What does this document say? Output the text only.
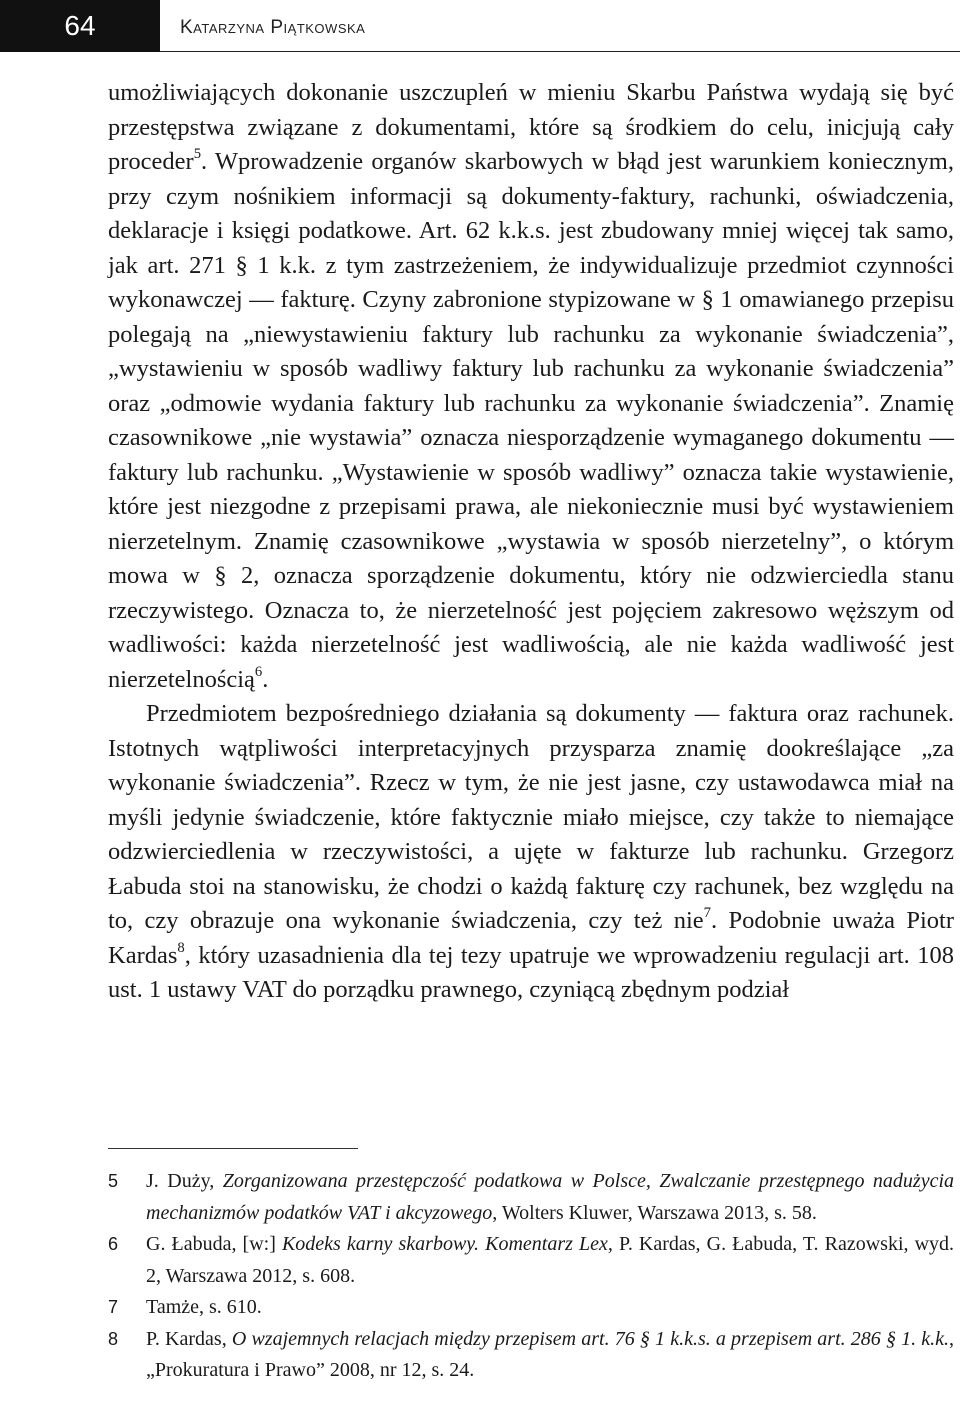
64	Katarzyna Piątkowska

umożliwiających dokonanie uszczupleń w mieniu Skarbu Państwa wydają się być przestępstwa związane z dokumentami, które są środkiem do celu, inicjują cały proceder$^5$. Wprowadzenie organów skarbowych w błąd jest warunkiem koniecznym, przy czym nośnikiem informacji są dokumenty-faktury, rachunki, oświadczenia, deklaracje i księgi podatkowe. Art. 62 k.k.s. jest zbudowany mniej więcej tak samo, jak art. 271 § 1 k.k. z tym zastrzeżeniem, że indywidualizuje przedmiot czynności wykonawczej — fakturę. Czyny zabronione stypizowane w § 1 omawianego przepisu polegają na „niewystawieniu faktury lub rachunku za wykonanie świadczenia”, „wystawieniu w sposób wadliwy faktury lub rachunku za wykonanie świadczenia” oraz „odmowie wydania faktury lub rachunku za wykonanie świadczenia”. Znamię czasownikowe „nie wystawia” oznacza niesporządzenie wymaganego dokumentu — faktury lub rachunku. „Wystawienie w sposób wadliwy” oznacza takie wystawienie, które jest niezgodne z przepisami prawa, ale niekoniecznie musi być wystawieniem nierzetelnym. Znamię czasownikowe „wystawia w sposób nierzetelny”, o którym mowa w § 2, oznacza sporządzenie dokumentu, który nie odzwierciedla stanu rzeczywistego. Oznacza to, że nierzetelność jest pojęciem zakresowo węższym od wadliwości: każda nierzetelność jest wadliwością, ale nie każda wadliwość jest nierzetelnością$^6$.

Przedmiotem bezpośredniego działania są dokumenty — faktura oraz rachunek. Istotnych wątpliwości interpretacyjnych przysparza znamię dookreślające „za wykonanie świadczenia”. Rzecz w tym, że nie jest jasne, czy ustawodawca miał na myśli jedynie świadczenie, które faktycznie miało miejsce, czy także to niemające odzwierciedlenia w rzeczywistości, a ujęte w fakturze lub rachunku. Grzegorz Łabuda stoi na stanowisku, że chodzi o każdą fakturę czy rachunek, bez względu na to, czy obrazuje ona wykonanie świadczenia, czy też nie$^7$. Podobnie uważa Piotr Kardas$^8$, który uzasadnienia dla tej tezy upatruje we wprowadzeniu regulacji art. 108 ust. 1 ustawy VAT do porządku prawnego, czyniącą zbędnym podział

5	J. Duży, Zorganizowana przestępczość podatkowa w Polsce, Zwalczanie przestępnego nadużycia mechanizmów podatków VAT i akcyzowego, Wolters Kluwer, Warszawa 2013, s. 58.
6	G. Łabuda, [w:] Kodeks karny skarbowy. Komentarz Lex, P. Kardas, G. Łabuda, T. Razowski, wyd. 2, Warszawa 2012, s. 608.
7	Tamże, s. 610.
8	P. Kardas, O wzajemnych relacjach między przepisem art. 76 § 1 k.k.s. a przepisem art. 286 § 1. k.k., „Prokuratura i Prawo” 2008, nr 12, s. 24.
